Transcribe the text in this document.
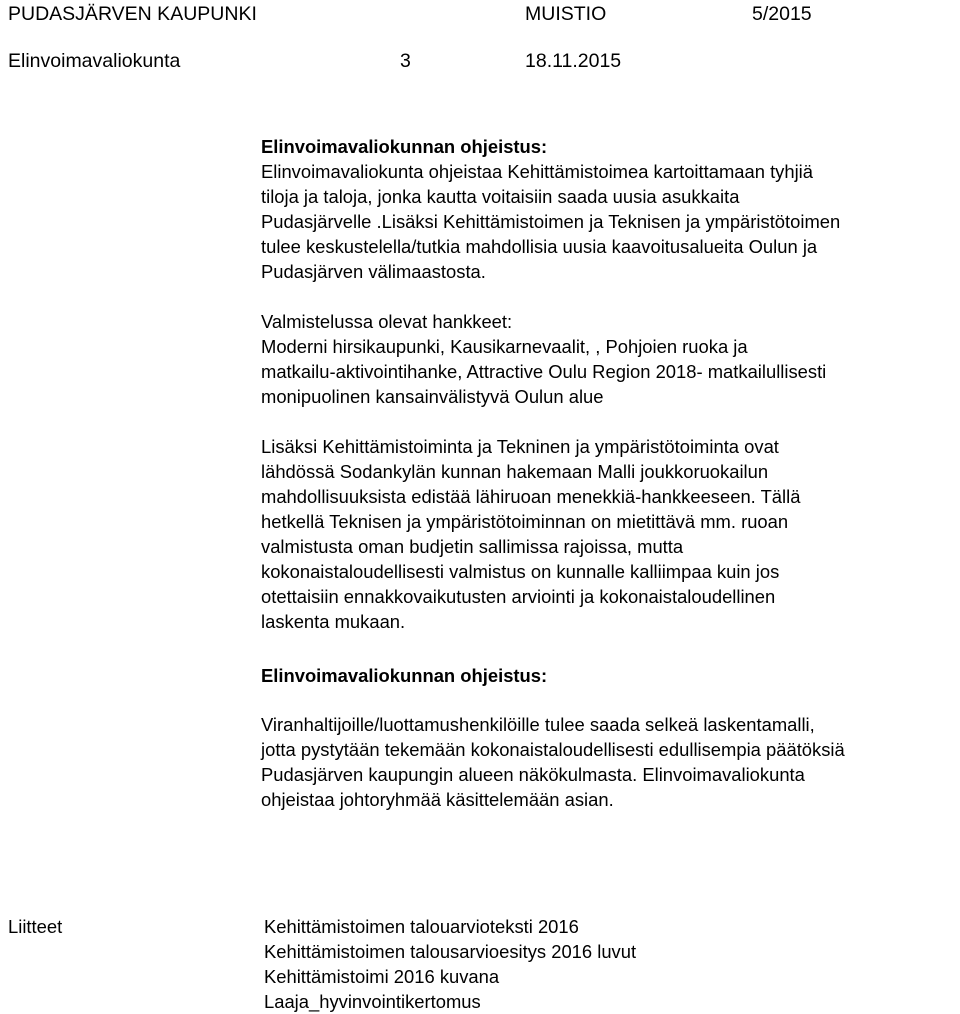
PUDASJÄRVEN KAUPUNKI	MUISTIO	5/2015
Elinvoimavaliokunta	3	18.11.2015
Elinvoimavaliokunnan ohjeistus:
Elinvoimavaliokunta ohjeistaa Kehittämistoimea kartoittamaan tyhjiä
tiloja ja taloja, jonka kautta voitaisiin saada uusia asukkaita
Pudasjärvelle .Lisäksi Kehittämistoimen ja Teknisen ja ympäristötoimen
tulee keskustelella/tutkia mahdollisia uusia kaavoitusalueita Oulun ja
Pudasjärven välimaastosta.
Valmistelussa olevat hankkeet:
Moderni hirsikaupunki, Kausikarnevaalit, , Pohjoien ruoka ja
matkailu-aktivointihanke, Attractive Oulu Region 2018- matkailullisesti
monipuolinen kansainvälistyvä Oulun alue
Lisäksi Kehittämistoiminta ja Tekninen ja ympäristötoiminta ovat
lähdössä Sodankylän kunnan hakemaan Malli joukkoruokailun
mahdollisuuksista edistää lähiruoan menekkiä-hankkeeseen. Tällä
hetkellä Teknisen ja ympäristötoiminnan on mietittävä mm. ruoan
valmistusta oman budjetin sallimissa rajoissa, mutta
kokonaistaloudellisesti valmistus on kunnalle kalliimpaa kuin jos
otettaisiin ennakkovaikutusten arviointi ja kokonaistaloudellinen
laskenta mukaan.
Elinvoimavaliokunnan ohjeistus:
Viranhaltijoille/luottamushenkilöille tulee saada selkeä laskentamalli,
jotta pystytään tekemään kokonaistaloudellisesti edullisempia päätöksiä
Pudasjärven kaupungin alueen näkökulmasta. Elinvoimavaliokunta
ohjeistaa johtoryhmää käsittelemään asian.
Liitteet	Kehittämistoimen talouarvioteksti 2016
Kehittämistoimen talousarvioesitys 2016 luvut
Kehittämistoimi 2016 kuvana
Laaja_hyvinvointikertomus
